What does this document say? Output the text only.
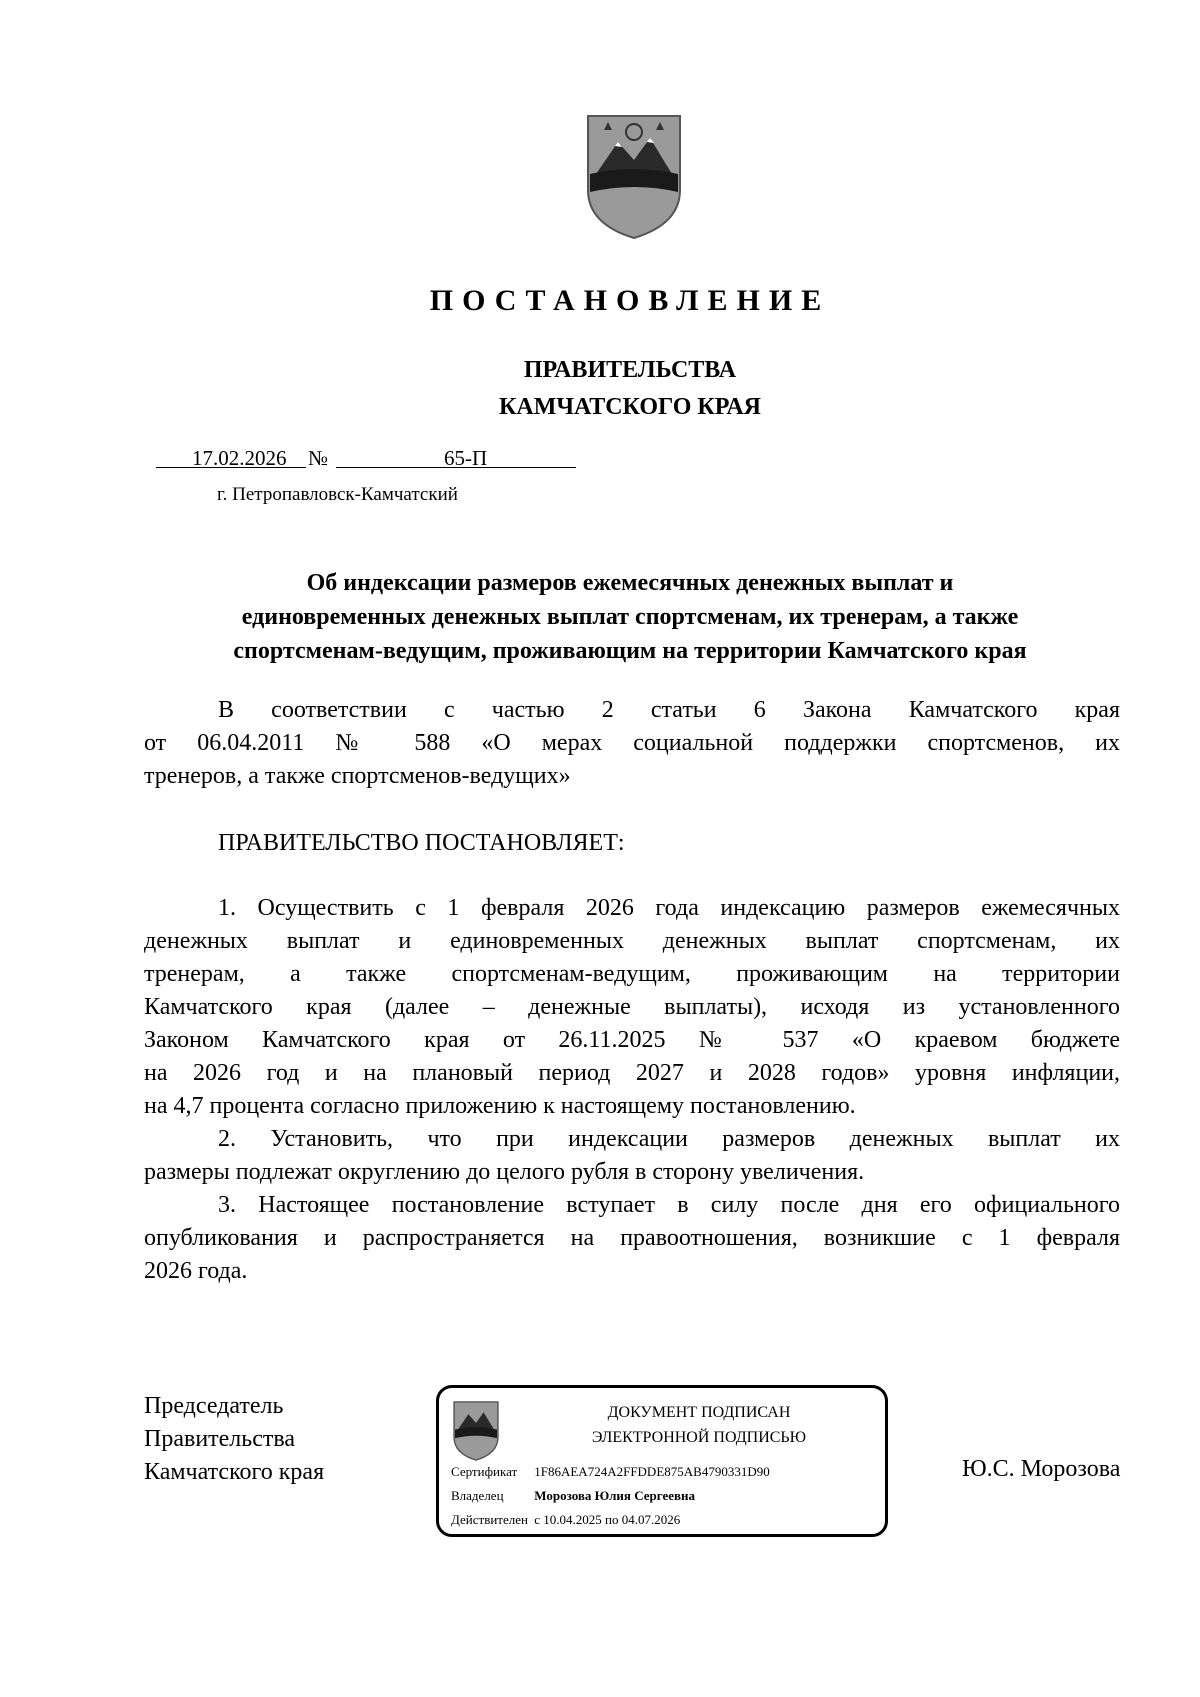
ПОСТАНОВЛЕНИЕ
ПРАВИТЕЛЬСТВА
КАМЧАТСКОГО КРАЯ
17.02.2026 №	65-П
г. Петропавловск-Камчатский
Об индексации размеров ежемесячных денежных выплат и
единовременных денежных выплат спортсменам, их тренерам, а также
спортсменам-ведущим, проживающим на территории Камчатского края
В соответствии с частью 2 статьи 6 Закона Камчатского края
от 06.04.2011 № 588 «О мерах социальной поддержки спортсменов, их
тренеров, а также спортсменов-ведущих»
ПРАВИТЕЛЬСТВО ПОСТАНОВЛЯЕТ:
1. Осуществить с 1 февраля 2026 года индексацию размеров ежемесячных
денежных выплат и единовременных денежных выплат спортсменам, их
тренерам, а также спортсменам-ведущим, проживающим на территории
Камчатского края (далее – денежные выплаты), исходя из установленного
Законом Камчатского края от 26.11.2025 № 537 «О краевом бюджете
на 2026 год и на плановый период 2027 и 2028 годов» уровня инфляции,
на 4,7 процента согласно приложению к настоящему постановлению.
2. Установить, что при индексации размеров денежных выплат их
размеры подлежат округлению до целого рубля в сторону увеличения.
3. Настоящее постановление вступает в силу после дня его официального
опубликования и распространяется на правоотношения, возникшие с 1 февраля
2026 года.
Председатель
Правительства
Камчатского края
ДОКУМЕНТ ПОДПИСАН
ЭЛЕКТРОННОЙ ПОДПИСЬЮ
Сертификат 1F86AEA724A2FFDDE875AB4790331D90
Владелец Морозова Юлия Сергеевна
Действителен с 10.04.2025 по 04.07.2026
Ю.С. Морозова
